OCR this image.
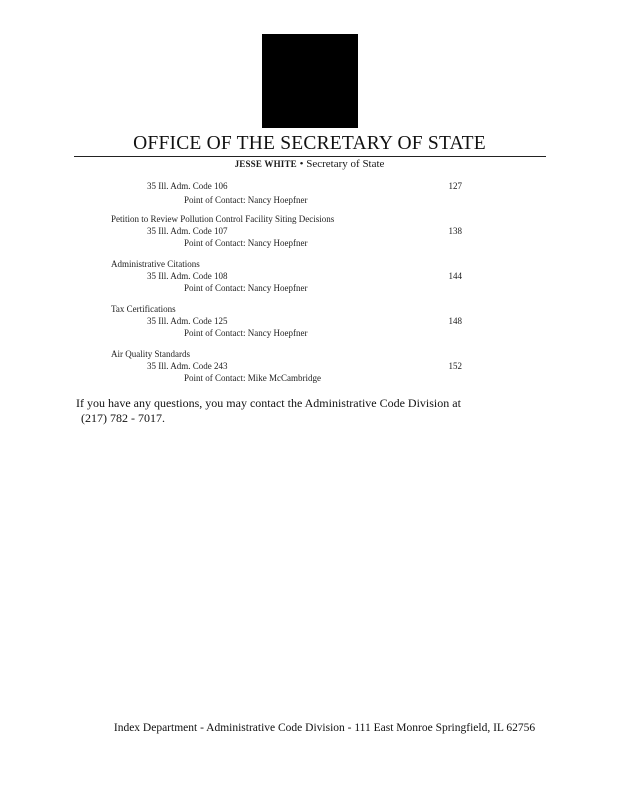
OFFICE OF THE SECRETARY OF STATE
JESSE WHITE • Secretary of State
35 Ill. Adm. Code 106	127
Point of Contact: Nancy Hoepfner
Petition to Review Pollution Control Facility Siting Decisions
35 Ill. Adm. Code 107	138
Point of Contact: Nancy Hoepfner
Administrative Citations
35 Ill. Adm. Code 108	144
Point of Contact: Nancy Hoepfner
Tax Certifications
35 Ill. Adm. Code 125	148
Point of Contact: Nancy Hoepfner
Air Quality Standards
35 Ill. Adm. Code 243	152
Point of Contact: Mike McCambridge
If you have any questions, you may contact the Administrative Code Division at
(217) 782 - 7017.
Index Department - Administrative Code Division - 111 East Monroe Springfield, IL 62756
